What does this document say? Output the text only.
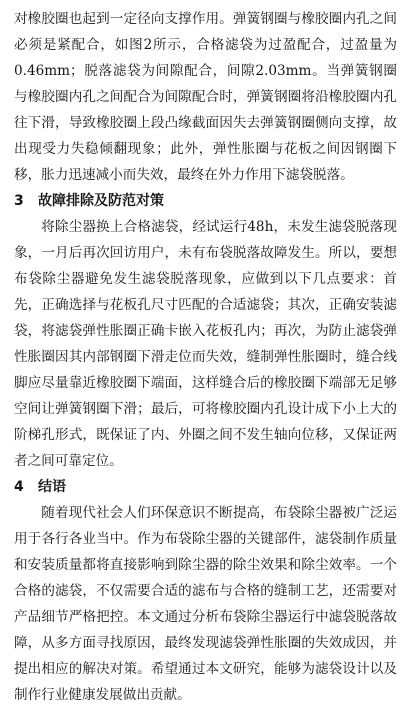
对橡胶圈也起到一定径向支撑作用。弹簧钢圈与橡胶圈内孔之间必须是紧配合，如图2所示，合格滤袋为过盈配合，过盈量为0.46mm；脱落滤袋为间隙配合，间隙2.03mm。当弹簧钢圈与橡胶圈内孔之间配合为间隙配合时，弹簧钢圈将沿橡胶圈内孔往下滑，导致橡胶圈上段凸缘截面因失去弹簧钢圈侧向支撑，故出现受力失稳倾翻现象；此外，弹性胀圈与花板之间因钢圈下移，胀力迅速减小而失效，最终在外力作用下滤袋脱落。

3 故障排除及防范对策

将除尘器换上合格滤袋，经试运行48h，未发生滤袋脱落现象，一月后再次回访用户，未有布袋脱落故障发生。所以，要想布袋除尘器避免发生滤袋脱落现象，应做到以下几点要求：首先，正确选择与花板孔尺寸匹配的合适滤袋；其次，正确安装滤袋，将滤袋弹性胀圈正确卡嵌入花板孔内；再次，为防止滤袋弹性胀圈因其内部钢圈下滑走位而失效，缝制弹性胀圈时，缝合线脚应尽量靠近橡胶圈下端面，这样缝合后的橡胶圈下端部无足够空间让弹簧钢圈下滑；最后，可将橡胶圈内孔设计成下小上大的阶梯孔形式，既保证了内、外圈之间不发生轴向位移，又保证两者之间可靠定位。

4 结语

随着现代社会人们环保意识不断提高，布袋除尘器被广泛运用于各行各业当中。作为布袋除尘器的关键部件，滤袋制作质量和安装质量都将直接影响到除尘器的除尘效果和除尘效率。一个合格的滤袋，不仅需要合适的滤布与合格的缝制工艺，还需要对产品细节严格把控。本文通过分析布袋除尘器运行中滤袋脱落故障，从多方面寻找原因，最终发现滤袋弹性胀圈的失效成因，并提出相应的解决对策。希望通过本文研究，能够为滤袋设计以及制作行业健康发展做出贡献。
